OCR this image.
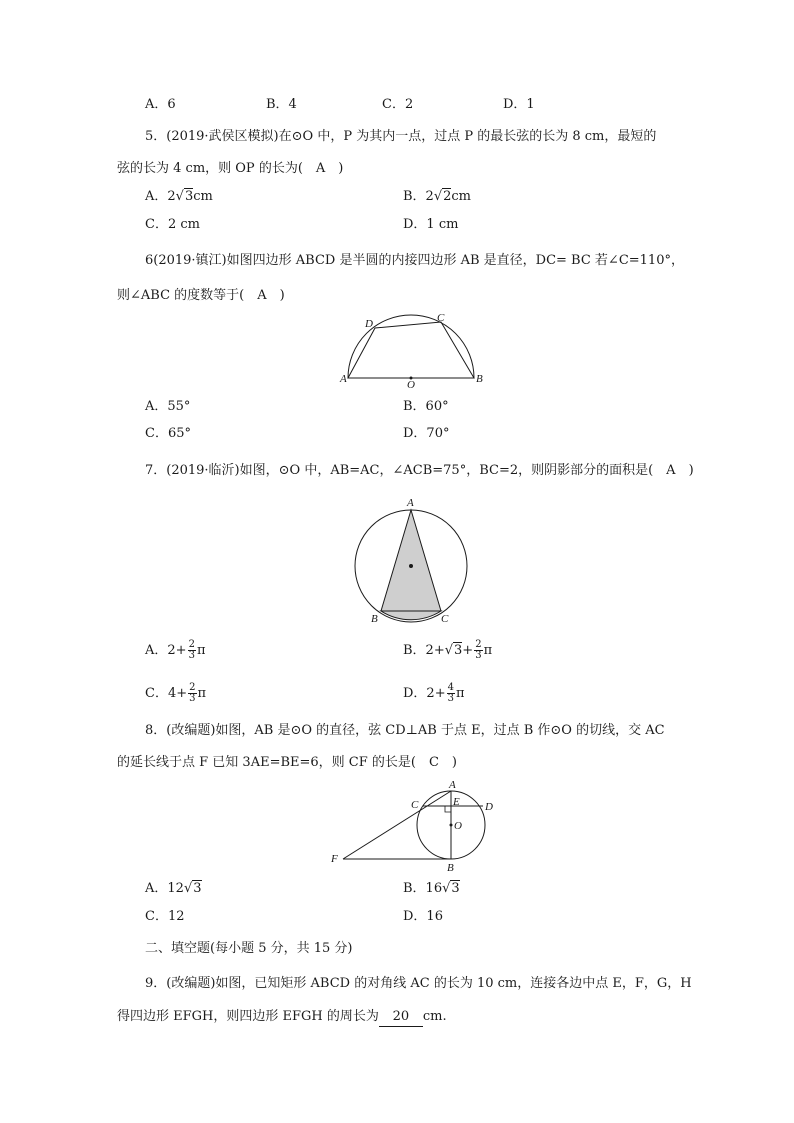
A．6	B．4	C．2	D．1
5．(2019·武侯区模拟)在⊙O 中，P 为其内一点，过点 P 的最长弦的长为 8 cm，最短的
弦的长为 4 cm，则 OP 的长为(　A　)
A．2√3cm	B．2√2cm
C．2 cm	D．1 cm
6(2019·镇江)如图四边形 ABCD 是半圆的内接四边形 AB 是直径，DC= BC 若∠C=110°，
则∠ABC 的度数等于(　A　)
D	C
A	O	B
A．55°	B．60°
C．65°	D．70°
7．(2019·临沂)如图，⊙O 中，AB=AC，∠ACB=75°，BC=2，则阴影部分的面积是(　A　)
A
B	C
A．$2+ \frac{2}{3}$ π	B．$2+√3+ \frac{2}{3}$ π
C．$4+ \frac{2}{3}$ π	D．$2+ \frac{4}{3}$ π
8．(改编题)如图，AB 是⊙O 的直径，弦 CD⊥AB 于点 E，过点 B 作⊙O 的切线，交 AC
的延长线于点 F 已知 3AE=BE=6，则 CF 的长是(　C　)
A
C	E D
O
F
B
A．12√3	B．16√3
C．12	D．16
二、填空题(每小题 5 分，共 15 分)
9．(改编题)如图，已知矩形 ABCD 的对角线 AC 的长为 10 cm，连接各边中点 E，F，G，H
得四边形 EFGH，则四边形 EFGH 的周长为 20 cm.
